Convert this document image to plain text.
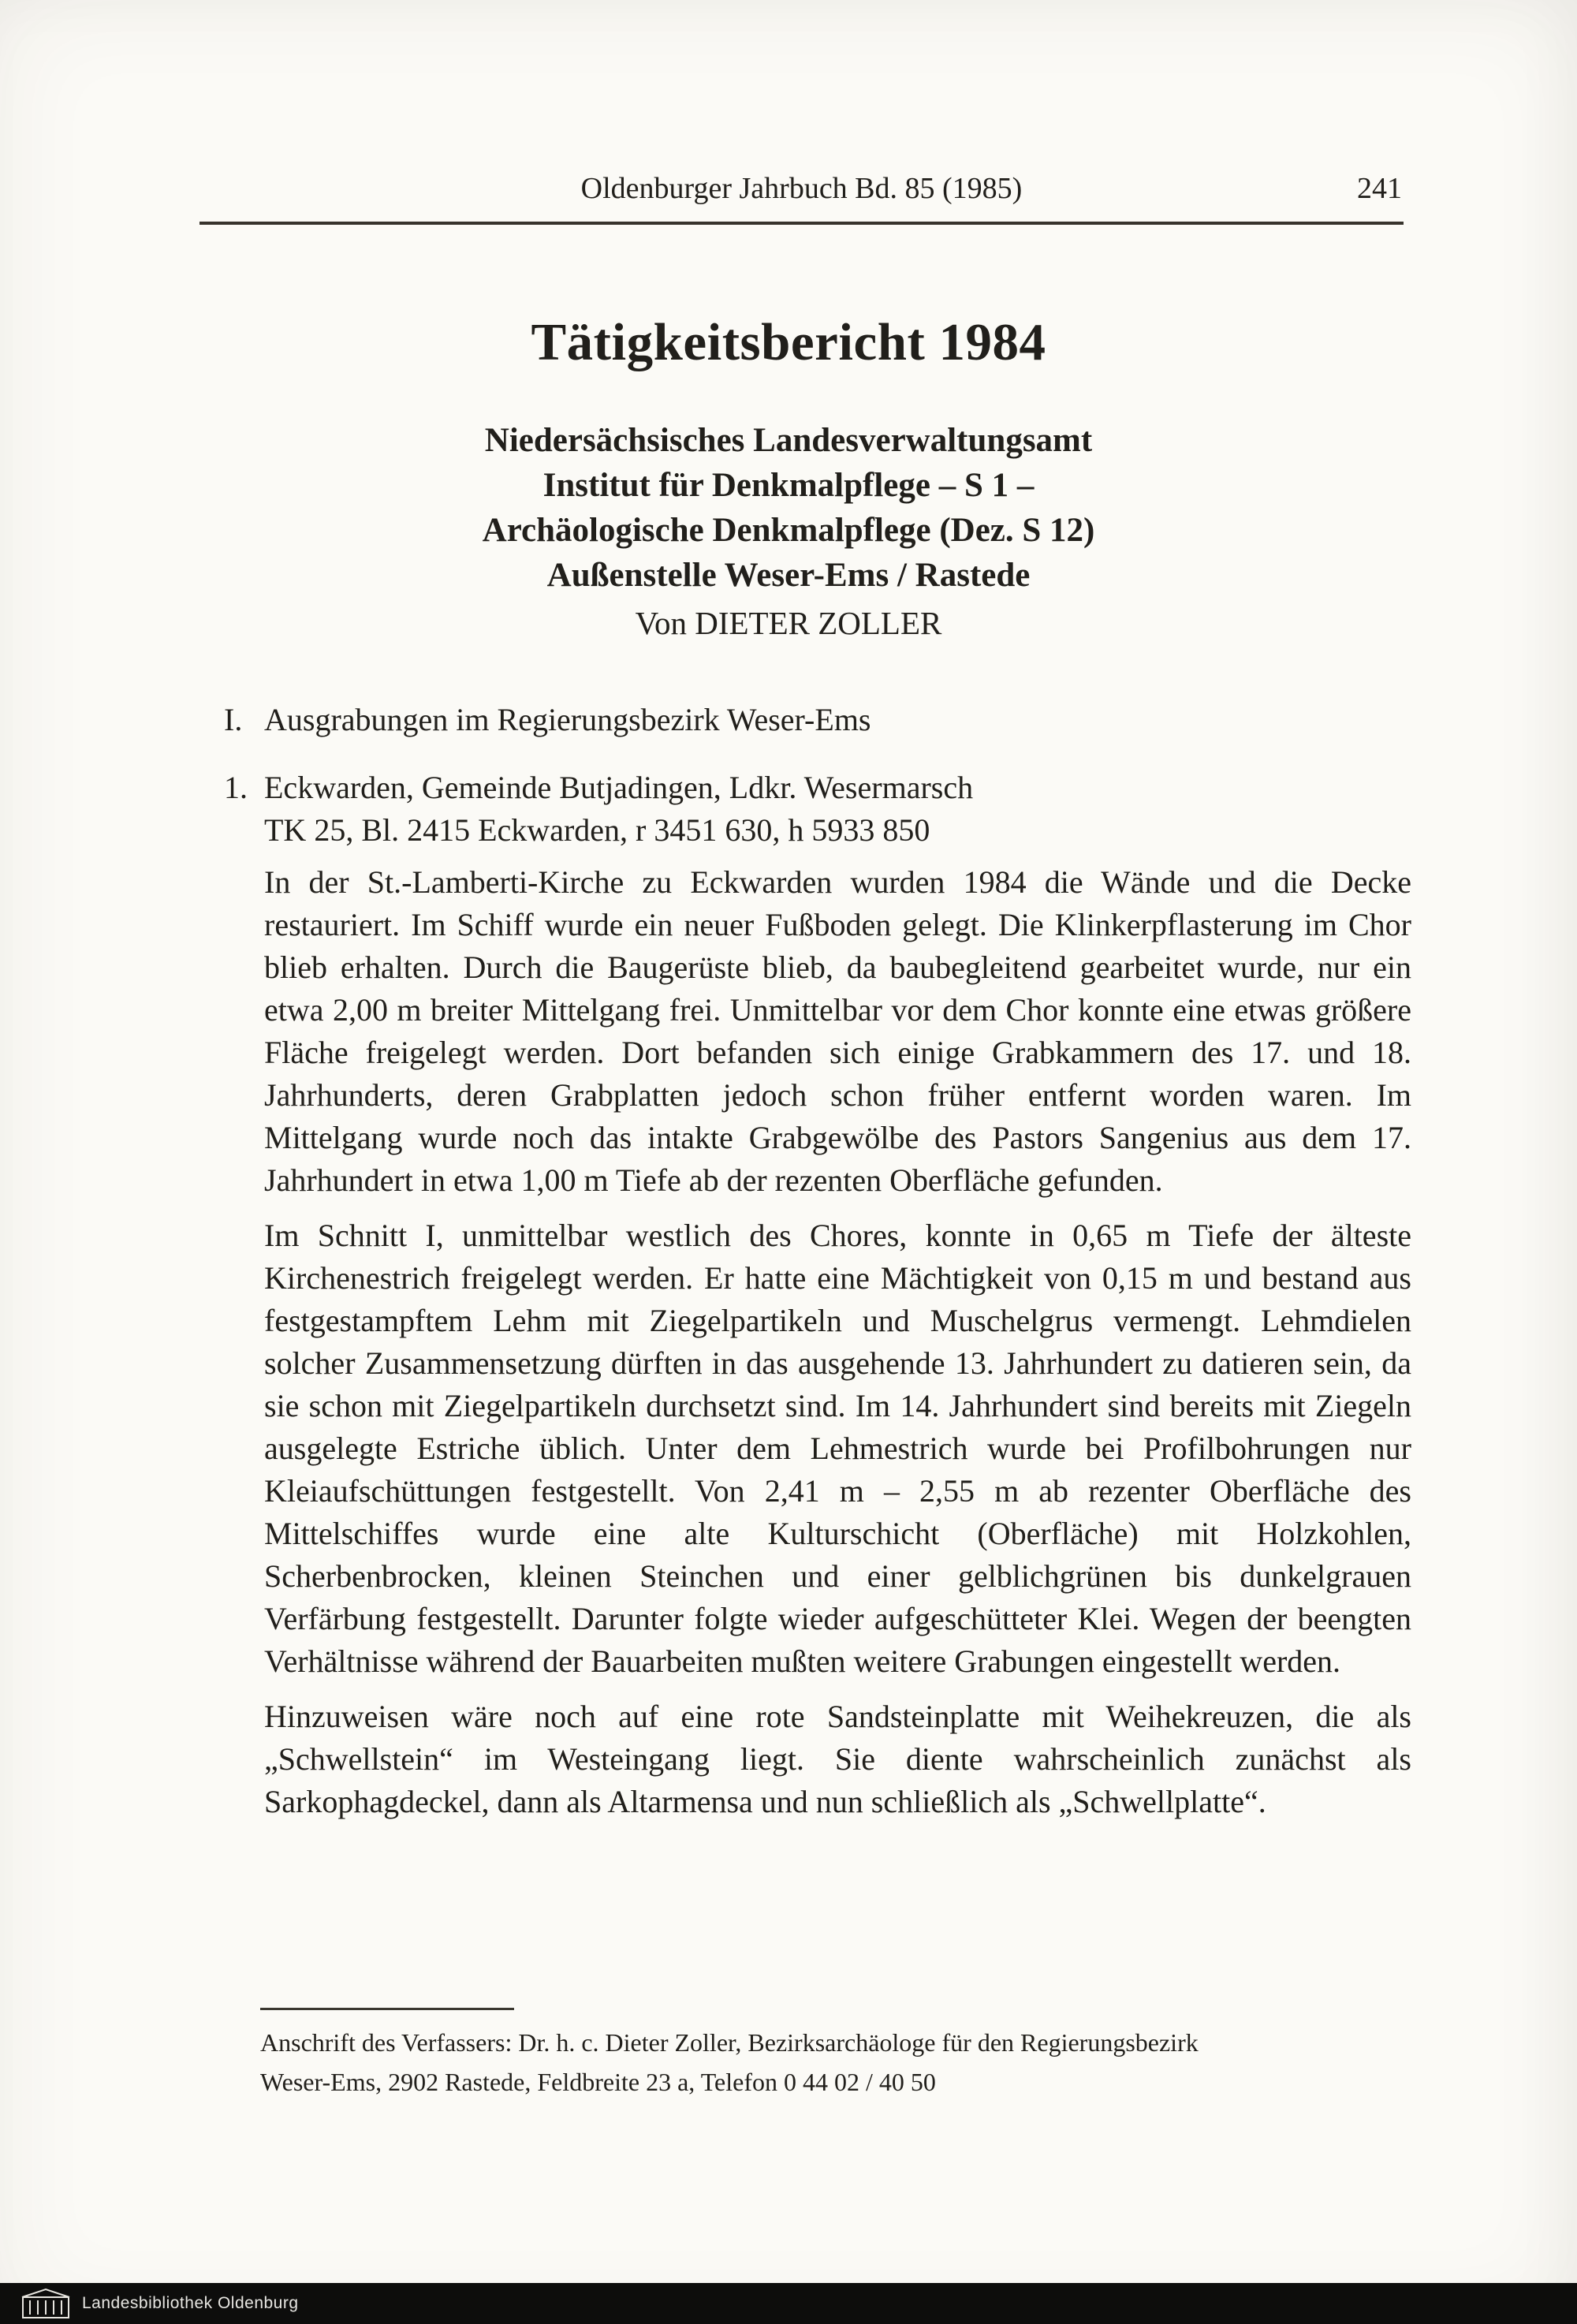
Oldenburger Jahrbuch Bd. 85 (1985)	241
Tätigkeitsbericht 1984
Niedersächsisches Landesverwaltungsamt
Institut für Denkmalpflege – S 1 –
Archäologische Denkmalpflege (Dez. S 12)
Außenstelle Weser-Ems / Rastede
Von DIETER ZOLLER
I. Ausgrabungen im Regierungsbezirk Weser-Ems
1. Eckwarden, Gemeinde Butjadingen, Ldkr. Wesermarsch
TK 25, Bl. 2415 Eckwarden, r 3451 630, h 5933 850

In der St.-Lamberti-Kirche zu Eckwarden wurden 1984 die Wände und die Decke restauriert. Im Schiff wurde ein neuer Fußboden gelegt. Die Klinkerpflasterung im Chor blieb erhalten. Durch die Baugerüste blieb, da baubegleitend gearbeitet wurde, nur ein etwa 2,00 m breiter Mittelgang frei. Unmittelbar vor dem Chor konnte eine etwas größere Fläche freigelegt werden. Dort befanden sich einige Grabkammern des 17. und 18. Jahrhunderts, deren Grabplatten jedoch schon früher entfernt worden waren. Im Mittelgang wurde noch das intakte Grabgewölbe des Pastors Sangenius aus dem 17. Jahrhundert in etwa 1,00 m Tiefe ab der rezenten Oberfläche gefunden.

Im Schnitt I, unmittelbar westlich des Chores, konnte in 0,65 m Tiefe der älteste Kirchenestrich freigelegt werden. Er hatte eine Mächtigkeit von 0,15 m und bestand aus festgestampftem Lehm mit Ziegelpartikeln und Muschelgrus vermengt. Lehmdielen solcher Zusammensetzung dürften in das ausgehende 13. Jahrhundert zu datieren sein, da sie schon mit Ziegelpartikeln durchsetzt sind. Im 14. Jahrhundert sind bereits mit Ziegeln ausgelegte Estriche üblich. Unter dem Lehmestrich wurde bei Profilbohrungen nur Kleiaufschüttungen festgestellt. Von 2,41 m – 2,55 m ab rezenter Oberfläche des Mittelschiffes wurde eine alte Kulturschicht (Oberfläche) mit Holzkohlen, Scherbenbrocken, kleinen Steinchen und einer gelblichgrünen bis dunkelgrauen Verfärbung festgestellt. Darunter folgte wieder aufgeschütteter Klei. Wegen der beengten Verhältnisse während der Bauarbeiten mußten weitere Grabungen eingestellt werden.

Hinzuweisen wäre noch auf eine rote Sandsteinplatte mit Weihekreuzen, die als „Schwellstein“ im Westeingang liegt. Sie diente wahrscheinlich zunächst als Sarkophagdeckel, dann als Altarmensa und nun schließlich als „Schwellplatte“.

Anschrift des Verfassers: Dr. h. c. Dieter Zoller, Bezirksarchäologe für den Regierungsbezirk
Weser-Ems, 2902 Rastede, Feldbreite 23 a, Telefon 0 44 02 / 40 50
Landesbibliothek Oldenburg
